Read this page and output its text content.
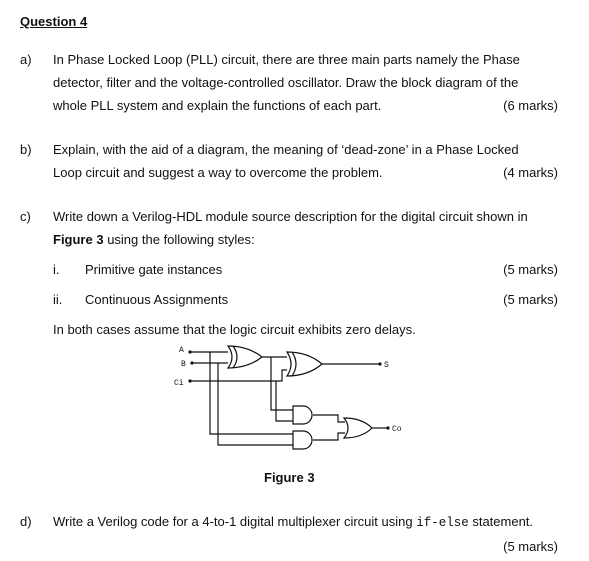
Question 4
a) In Phase Locked Loop (PLL) circuit, there are three main parts namely the Phase
detector, filter and the voltage-controlled oscillator. Draw the block diagram of the
whole PLL system and explain the functions of each part.	(6 marks)
b) Explain, with the aid of a diagram, the meaning of ‘dead-zone’ in a Phase Locked
Loop circuit and suggest a way to overcome the problem.	(4 marks)
c) Write down a Verilog-HDL module source description for the digital circuit shown in
Figure 3 using the following styles:
i. Primitive gate instances	(5 marks)
ii. Continuous Assignments	(5 marks)
In both cases assume that the logic circuit exhibits zero delays.
A
B
Ci
S
Co
Figure 3
d) Write a Verilog code for a 4-to-1 digital multiplexer circuit using if-else statement.
(5 marks)
